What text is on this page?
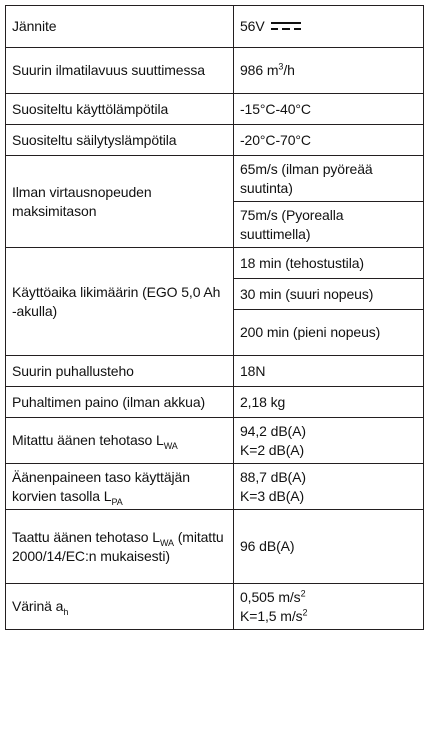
Jännite	56V

Suurin ilmatilavuus suuttimessa	986 $m^3/h$
Suositeltu käyttölämpötila	-15°C-40°C
Suositeltu säilytyslämpötila	-20°C-70°C
Ilman virtausnopeuden maksimitason	65m/s (ilman pyöreää suutinta)
	75m/s (Pyorealla suuttimella)
Käyttöaika likimäärin (EGO 5,0 Ah -akulla)	18 min (tehostustila)
	30 min (suuri nopeus)
	200 min (pieni nopeus)
Suurin puhallusteho	18N
Puhaltimen paino (ilman akkua)	2,18 kg
Mitattu äänen tehotaso $L_{WA}$	94,2 dB(A)
K=2 dB(A)

Äänenpaineen taso käyttäjän korvien tasolla $L_{PA}$	88,7 dB(A)
K=3 dB(A)

Taattu äänen tehotaso $L_{WA}$ (mitattu 2000/14/EC:n mukaisesti)	96 dB(A)
Värinä $a_h$	0,505 $m/s^2$
K=1,5 $m/s^2$
